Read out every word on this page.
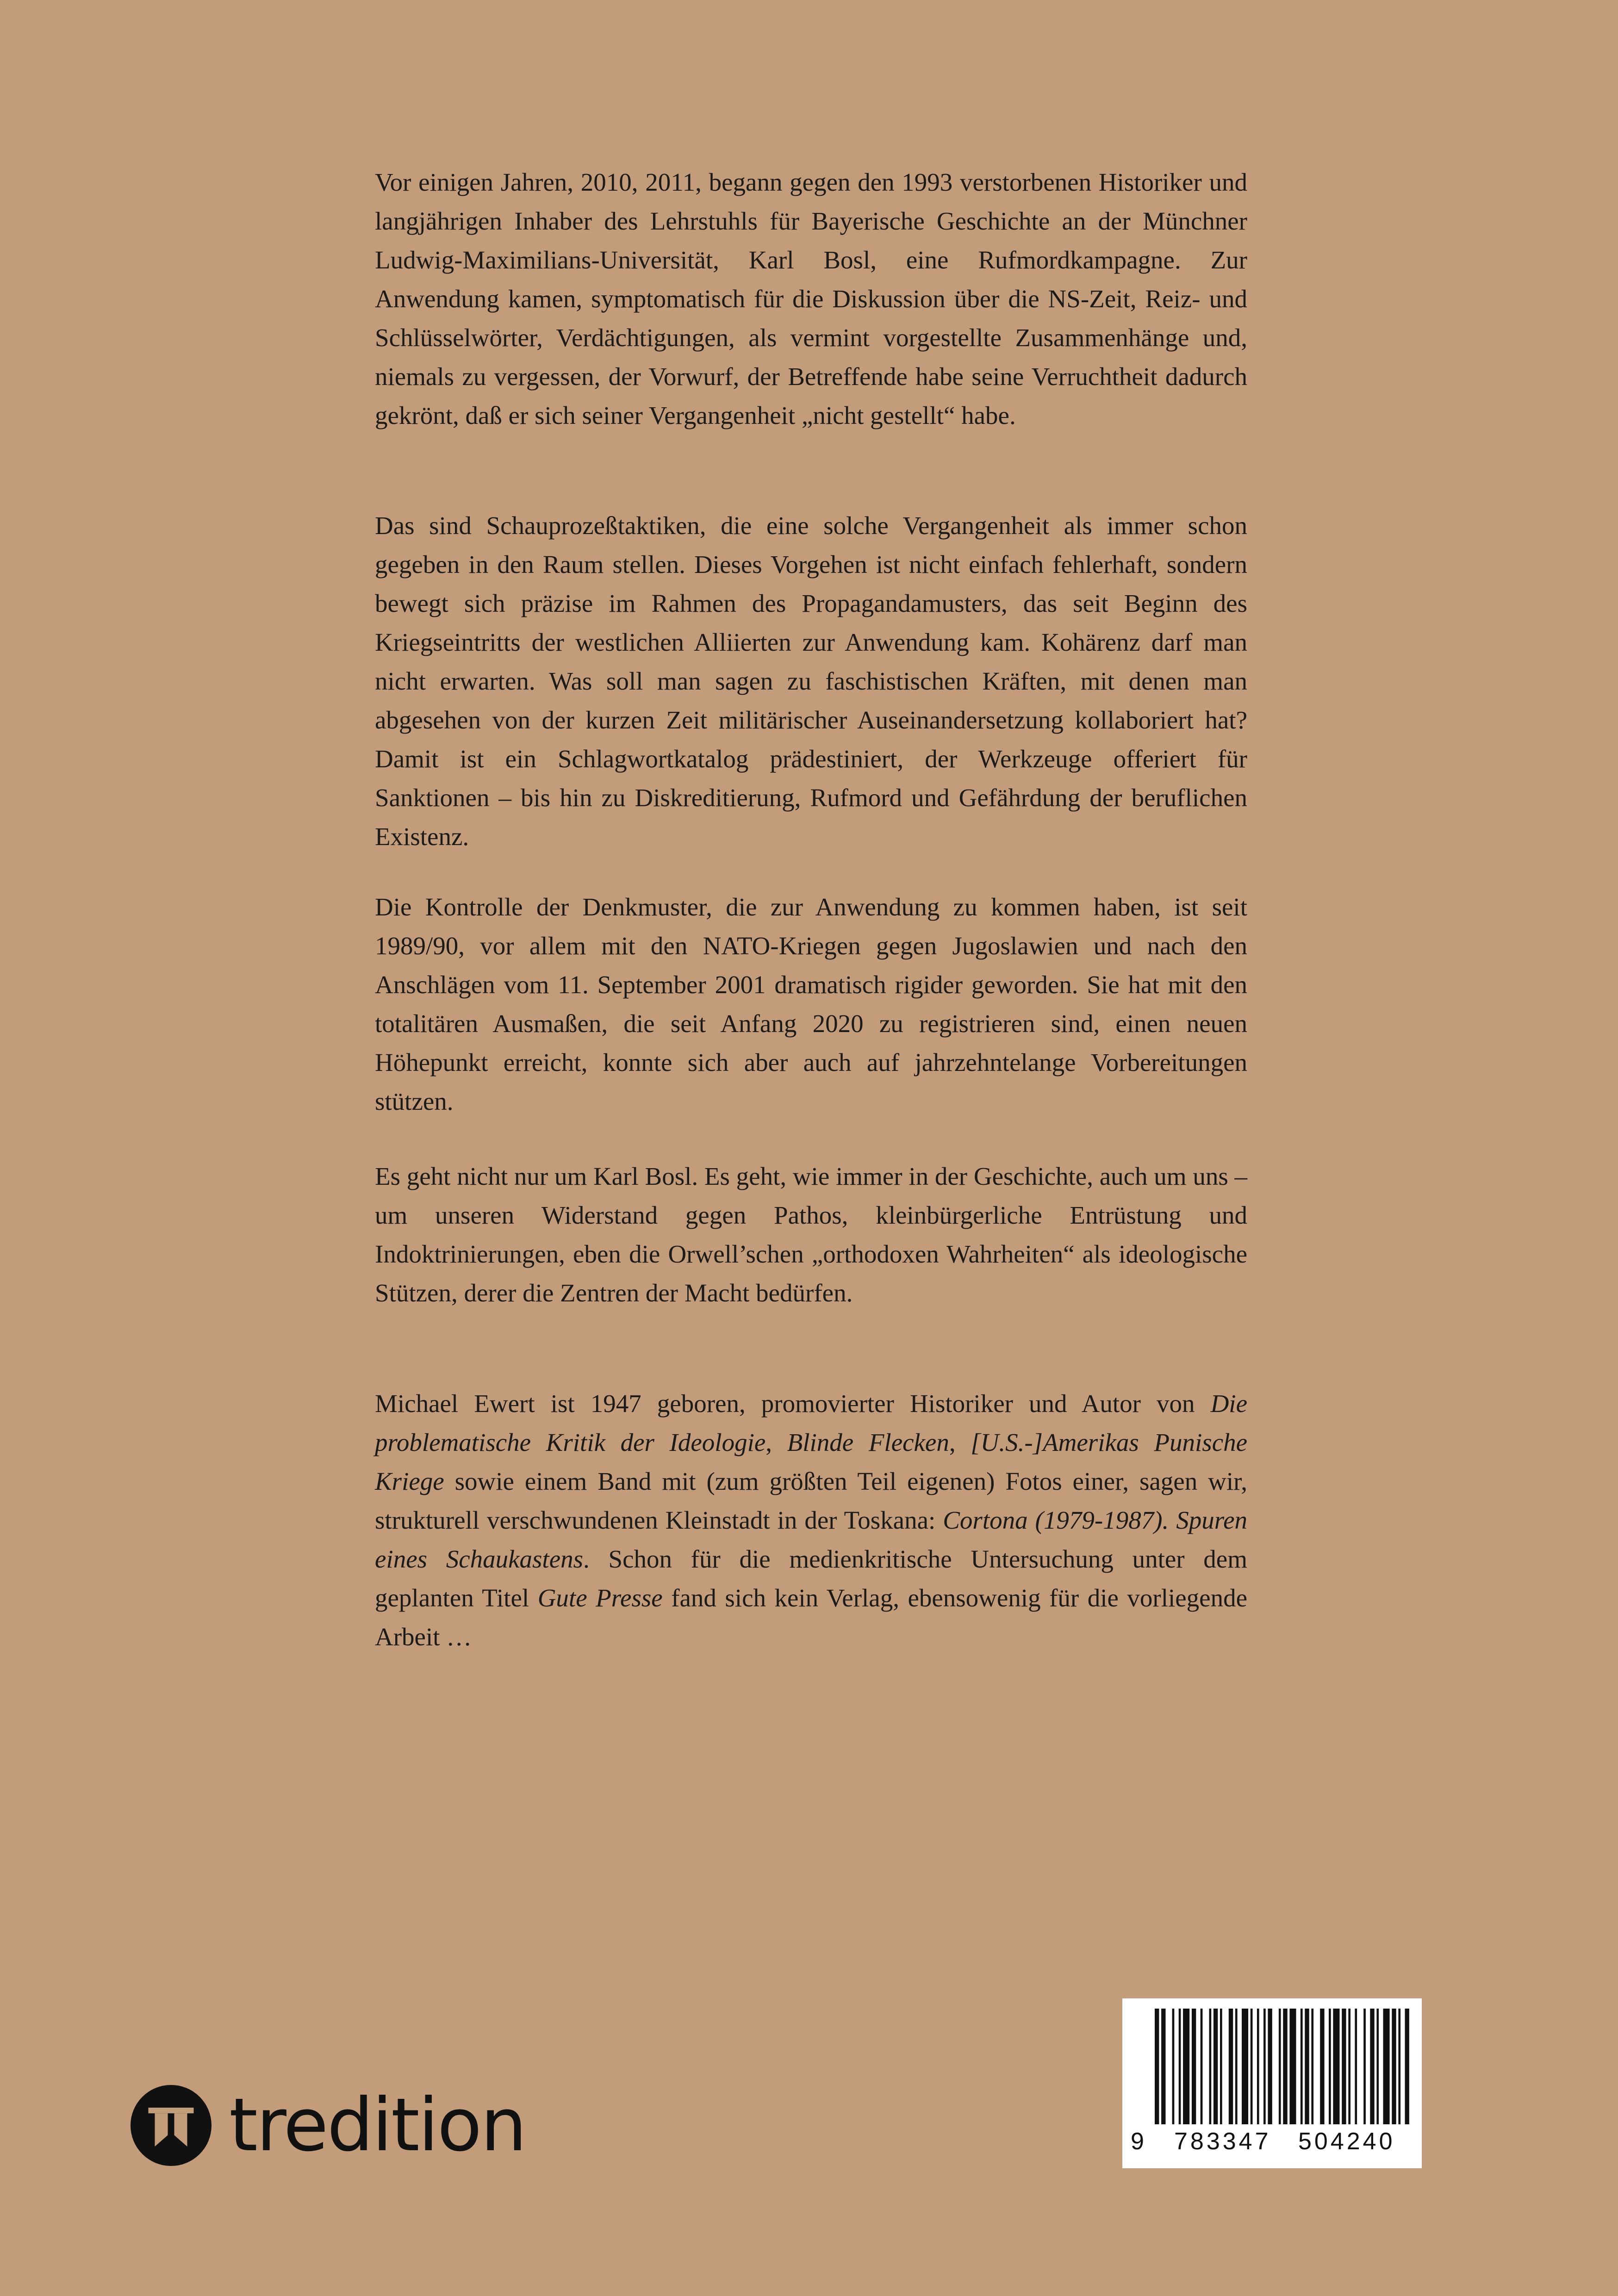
Vor einigen Jahren, 2010, 2011, begann gegen den 1993 verstorbenen Historiker und langjährigen Inhaber des Lehrstuhls für Bayerische Geschichte an der Münchner Ludwig-Maximilians-Universität, Karl Bosl, eine Rufmordkampagne. Zur Anwendung kamen, symptomatisch für die Diskussion über die NS-Zeit, Reiz- und Schlüsselwörter, Verdächtigungen, als vermint vorgestellte Zusammenhänge und, niemals zu vergessen, der Vorwurf, der Betreffende habe seine Verruchtheit dadurch gekrönt, daß er sich seiner Vergangenheit „nicht gestellt“ habe.

Das sind Schauprozeßtaktiken, die eine solche Vergangenheit als immer schon gegeben in den Raum stellen. Dieses Vorgehen ist nicht einfach fehlerhaft, sondern bewegt sich präzise im Rahmen des Propagandamusters, das seit Beginn des Kriegseintritts der westlichen Alliierten zur Anwendung kam. Kohärenz darf man nicht erwarten. Was soll man sagen zu faschistischen Kräften, mit denen man abgesehen von der kurzen Zeit militärischer Auseinandersetzung kollaboriert hat? Damit ist ein Schlagwortkatalog prädestiniert, der Werkzeuge offeriert für Sanktionen – bis hin zu Diskreditierung, Rufmord und Gefährdung der beruflichen Existenz.

Die Kontrolle der Denkmuster, die zur Anwendung zu kommen haben, ist seit 1989/90, vor allem mit den NATO-Kriegen gegen Jugoslawien und nach den Anschlägen vom 11. September 2001 dramatisch rigider geworden. Sie hat mit den totalitären Ausmaßen, die seit Anfang 2020 zu registrieren sind, einen neuen Höhepunkt erreicht, konnte sich aber auch auf jahrzehntelange Vorbereitungen stützen.

Es geht nicht nur um Karl Bosl. Es geht, wie immer in der Geschichte, auch um uns – um unseren Widerstand gegen Pathos, kleinbürgerliche Entrüstung und Indoktrinierungen, eben die Orwell’schen „orthodoxen Wahrheiten“ als ideologische Stützen, derer die Zentren der Macht bedürfen.

Michael Ewert ist 1947 geboren, promovierter Historiker und Autor von Die problematische Kritik der Ideologie, Blinde Flecken, [U.S.-]Amerikas Punische Kriege sowie einem Band mit (zum größten Teil eigenen) Fotos einer, sagen wir, strukturell verschwundenen Kleinstadt in der Toskana: Cortona (1979-1987). Spuren eines Schaukastens. Schon für die medienkritische Untersuchung unter dem geplanten Titel Gute Presse fand sich kein Verlag, ebensowenig für die vorliegende Arbeit …

tredition	9 783347 504240
